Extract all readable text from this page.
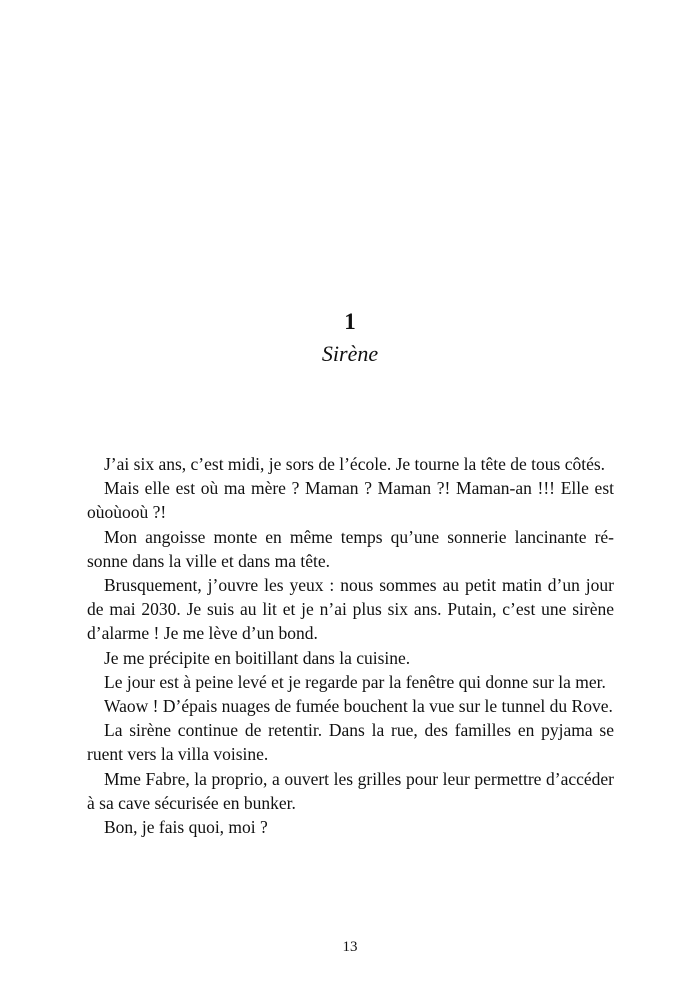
1
Sirène

J’ai six ans, c’est midi, je sors de l’école. Je tourne la tête de tous côtés.

Mais elle est où ma mère ? Maman ? Maman ?! Maman-an !!! Elle est oùoùooù ?!

Mon angoisse monte en même temps qu’une sonnerie lancinante résonne dans la ville et dans ma tête.

Brusquement, j’ouvre les yeux : nous sommes au petit matin d’un jour de mai 2030. Je suis au lit et je n’ai plus six ans. Putain, c’est une sirène d’alarme ! Je me lève d’un bond.

Je me précipite en boitillant dans la cuisine.

Le jour est à peine levé et je regarde par la fenêtre qui donne sur la mer.

Waow ! D’épais nuages de fumée bouchent la vue sur le tunnel du Rove.

La sirène continue de retentir. Dans la rue, des familles en pyjama se ruent vers la villa voisine.

Mme Fabre, la proprio, a ouvert les grilles pour leur permettre d’accéder à sa cave sécurisée en bunker.

Bon, je fais quoi, moi ?

13
